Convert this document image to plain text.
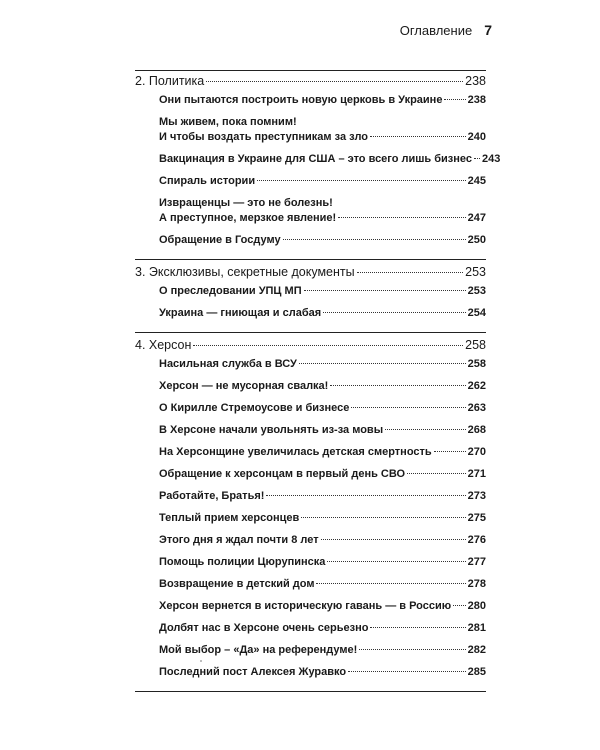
Оглавление 7
2. Политика	238
Они пытаются построить новую церковь в Украине 238
Мы живем, пока помним!
И чтобы воздать преступникам за зло	240
Вакцинация в Украине для США – это всего лишь бизнес 243
Спираль истории	245
Извращенцы — это не болезнь!
А преступное, мерзкое явление!	247
Обращение в Госдуму	250
3. Эксклюзивы, секретные документы	253
О преследовании УПЦ МП	253
Украина — гниющая и слабая	254
4. Херсон	258
Насильная служба в ВСУ	258
Херсон — не мусорная свалка!	262
О Кирилле Стремоусове и бизнесе	263
В Херсоне начали увольнять из-за мовы	268
На Херсонщине увеличилась детская смертность	270
Обращение к херсонцам в первый день СВО	271
Работайте, Братья!	273
Теплый прием херсонцев	275
Этого дня я ждал почти 8 лет	276
Помощь полиции Цюрупинска	277
Возвращение в детский дом	278
Херсон вернется в историческую гавань — в Россию 280
Долбят нас в Херсоне очень серьезно	281
Мой выбор – «Да» на референдуме!	282
Последний пост Алексея Журавко	285
